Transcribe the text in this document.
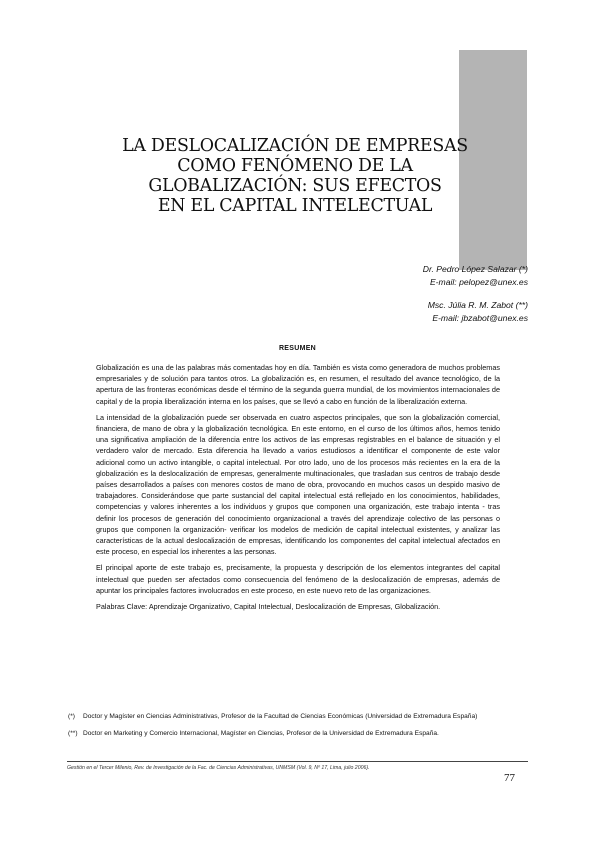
LA DESLOCALIZACIÓN DE EMPRESAS
COMO FENÓMENO DE LA
GLOBALIZACIÓN: SUS EFECTOS
EN EL CAPITAL INTELECTUAL
Dr. Pedro López Salazar (*)
E-mail: pelopez@unex.es
Msc. Júlia R. M. Zabot (**)
E-mail: jbzabot@unex.es
RESUMEN

Globalización es una de las palabras más comentadas hoy en día. También es vista como generadora de muchos problemas empresariales y de solución para tantos otros. La globalización es, en resumen, el resultado del avance tecnológico, de la apertura de las fronteras económicas desde el término de la segunda guerra mundial, de los movimientos internacionales de capital y de la propia liberalización interna en los países, que se llevó a cabo en función de la liberalización externa.

La intensidad de la globalización puede ser observada en cuatro aspectos principales, que son la globalización comercial, financiera, de mano de obra y la globalización tecnológica. En este entorno, en el curso de los últimos años, hemos tenido una significativa ampliación de la diferencia entre los activos de las empresas registrables en el balance de situación y el verdadero valor de mercado. Esta diferencia ha llevado a varios estudiosos a identificar el componente de este valor adicional como un activo intangible, o capital intelectual. Por otro lado, uno de los procesos más recientes en la era de la globalización es la deslocalización de empresas, generalmente multinacionales, que trasladan sus centros de trabajo desde países desarrollados a países con menores costos de mano de obra, provocando en muchos casos un despido masivo de trabajadores. Considerándose que parte sustancial del capital intelectual está reflejado en los conocimientos, habilidades, competencias y valores inherentes a los individuos y grupos que componen una organización, este trabajo intenta - tras definir los procesos de generación del conocimiento organizacional a través del aprendizaje colectivo de las personas o grupos que componen la organización- verificar los modelos de medición de capital intelectual existentes, y analizar las características de la actual deslocalización de empresas, identificando los componentes del capital intelectual afectados en este proceso, en especial los inherentes a las personas.

El principal aporte de este trabajo es, precisamente, la propuesta y descripción de los elementos integrantes del capital intelectual que pueden ser afectados como consecuencia del fenómeno de la deslocalización de empresas, además de apuntar los principales factores involucrados en este proceso, en este nuevo reto de las organizaciones.

Palabras Clave: Aprendizaje Organizativo, Capital Intelectual, Deslocalización de Empresas, Globalización.

(*)	Doctor y Magíster en Ciencias Administrativas, Profesor de la Facultad de Ciencias Económicas (Universidad de Extremadura España)
(**) Doctor en Marketing y Comercio Internacional, Magíster en Ciencias, Profesor de la Universidad de Extremadura España.
Gestión en el Tercer Milenio, Rev. de Investigación de la Fac. de Ciencias Administrativas, UNMSM (Vol. 9, Nº 17, Lima, julio 2006).
77
